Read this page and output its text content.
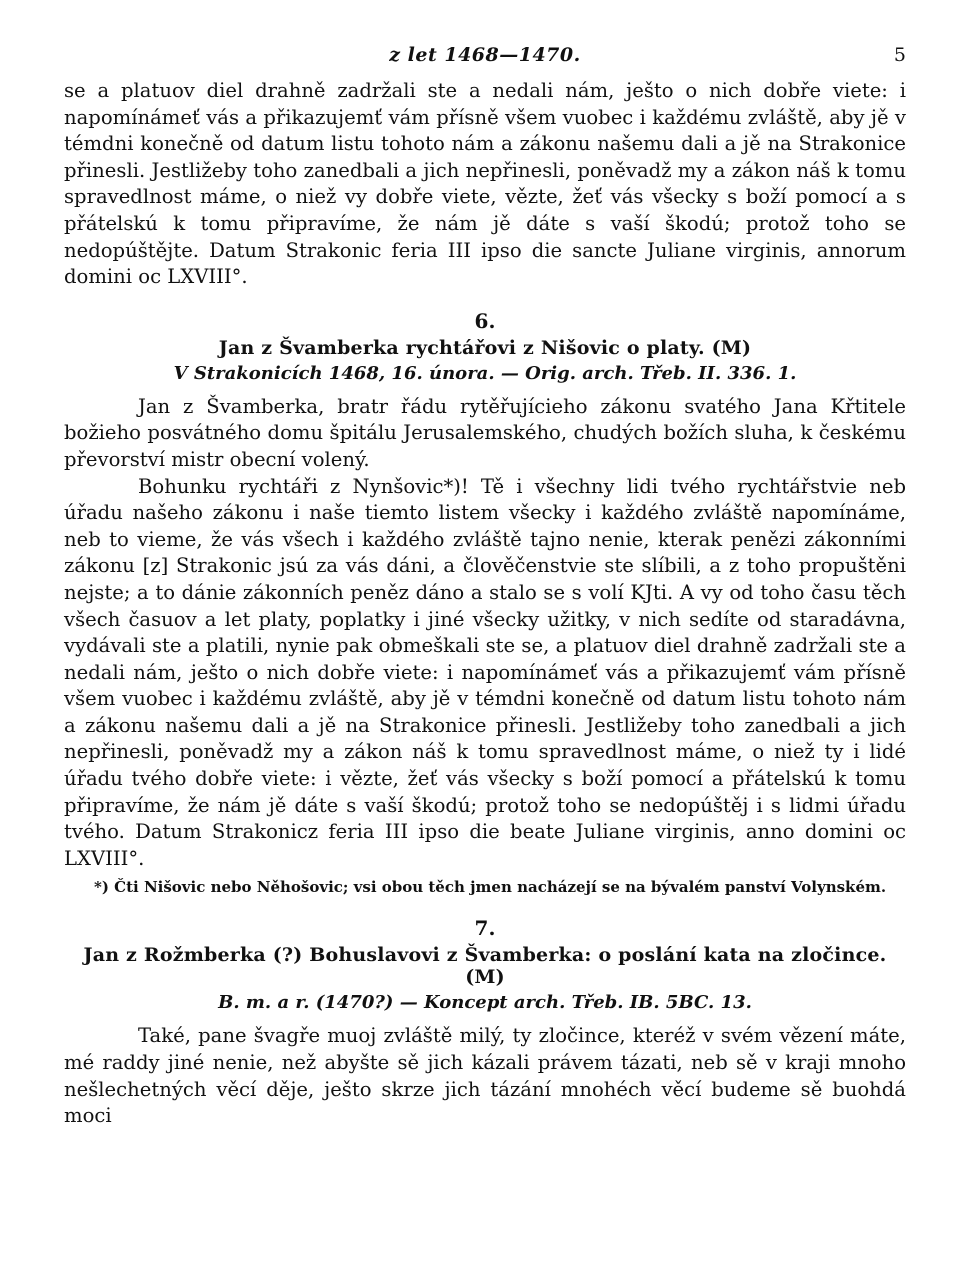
z let 1468—1470.	5

se a platuov diel drahně zadržali ste a nedali nám, ješto o nich dobře viete: i napomínámeť vás a přikazujemť vám přísně všem vuobec i každému zvláště, aby jě v témdni konečně od datum listu tohoto nám a zákonu našemu dali a jě na Strakonice přinesli. Jestližeby toho zanedbali a jich nepřinesli, poněvadž my a zákon náš k tomu spravedlnost máme, o niež vy dobře viete, vězte, žeť vás všecky s boží pomocí a s přátelskú k tomu připravíme, že nám jě dáte s vaší škodú; protož toho se nedopúštějte. Datum Strakonic feria III ipso die sancte Juliane virginis, annorum domini oc LXVIII°.

6.
Jan z Švamberka rychtářovi z Nišovic o platy. (M)
V Strakonicích 1468, 16. února. — Orig. arch. Třeb. II. 336. 1.

Jan z Švamberka, bratr řádu rytěřujícieho zákonu svatého Jana Křtitele božieho posvátného domu špitálu Jerusalemského, chudých božích sluha, k českému převorství mistr obecní volený.

Bohunku rychtáři z Nynšovic*)! Tě i všechny lidi tvého rychtářstvie neb úřadu našeho zákonu i naše tiemto listem všecky i každého zvláště napomínáme, neb to vieme, že vás všech i každého zvláště tajno nenie, kterak penězi zákonními zákonu [z] Strakonic jsú za vás dáni, a člověčenstvie ste slíbili, a z toho propuštěni nejste; a to dánie zákonních peněz dáno a stalo se s volí KJti. A vy od toho času těch všech časuov a let platy, poplatky i jiné všecky užitky, v nich sedíte od staradávna, vydávali ste a platili, nynie pak obmeškali ste se, a platuov diel drahně zadržali ste a nedali nám, ješto o nich dobře viete: i napomínámeť vás a přikazujemť vám přísně všem vuobec i každému zvláště, aby jě v témdni konečně od datum listu tohoto nám a zákonu našemu dali a jě na Strakonice přinesli. Jestližeby toho zanedbali a jich nepřinesli, poněvadž my a zákon náš k tomu spravedlnost máme, o niež ty i lidé úřadu tvého dobře viete: i vězte, žeť vás všecky s boží pomocí a přátelskú k tomu připravíme, že nám jě dáte s vaší škodú; protož toho se nedopúštěj i s lidmi úřadu tvého. Datum Strakonicz feria III ipso die beate Juliane virginis, anno domini oc LXVIII°.

*) Čti Nišovic nebo Něhošovic; vsi obou těch jmen nacházejí se na bývalém panství Volynském.
7.
Jan z Rožmberka (?) Bohuslavovi z Švamberka: o poslání kata na zločince. (M)
B. m. a r. (1470?) — Koncept arch. Třeb. IB. 5BC. 13.

Také, pane švagře muoj zvláště milý, ty zločince, kteréž v svém vězení máte, mé raddy jiné nenie, než abyšte sě jich kázali právem tázati, neb sě v kraji mnoho nešlechetných věcí děje, ješto skrze jich tázání mnohéch věcí budeme sě buohdá moci
